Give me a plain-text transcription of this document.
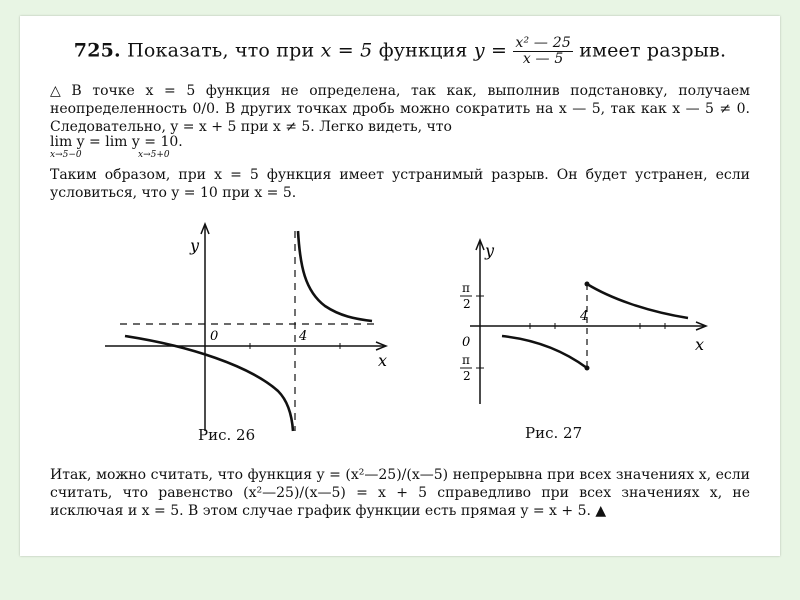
725. Показать, что при x = 5 функция $y = \frac{\text{x² — 25}}{x — 5}$ имеет разрыв.

△ В точке x = 5 функция не определена, так как, выполнив подстановку, получаем неопределенность 0/0. В других точках дробь можно сократить на x — 5, так как x — 5 ≠ 0. Следовательно, y = x + 5 при x ≠ 5. Легко видеть, что

lim y = lim y = 10.
x→5−0	x→5+0

Таким образом, при x = 5 функция имеет устранимый разрыв. Он будет устранен, если условиться, что y = 10 при x = 5.

y
x
0	4
Рис. 26
y
x
0
4
π
2
π
2
Рис. 27

Итак, можно считать, что функция y = (x²—25)/(x—5) непрерывна при всех значениях x, если считать, что равенство (x²—25)/(x—5) = x + 5 справедливо при всех значениях x, не исключая и x = 5. В этом случае график функции есть прямая y = x + 5. ▲
